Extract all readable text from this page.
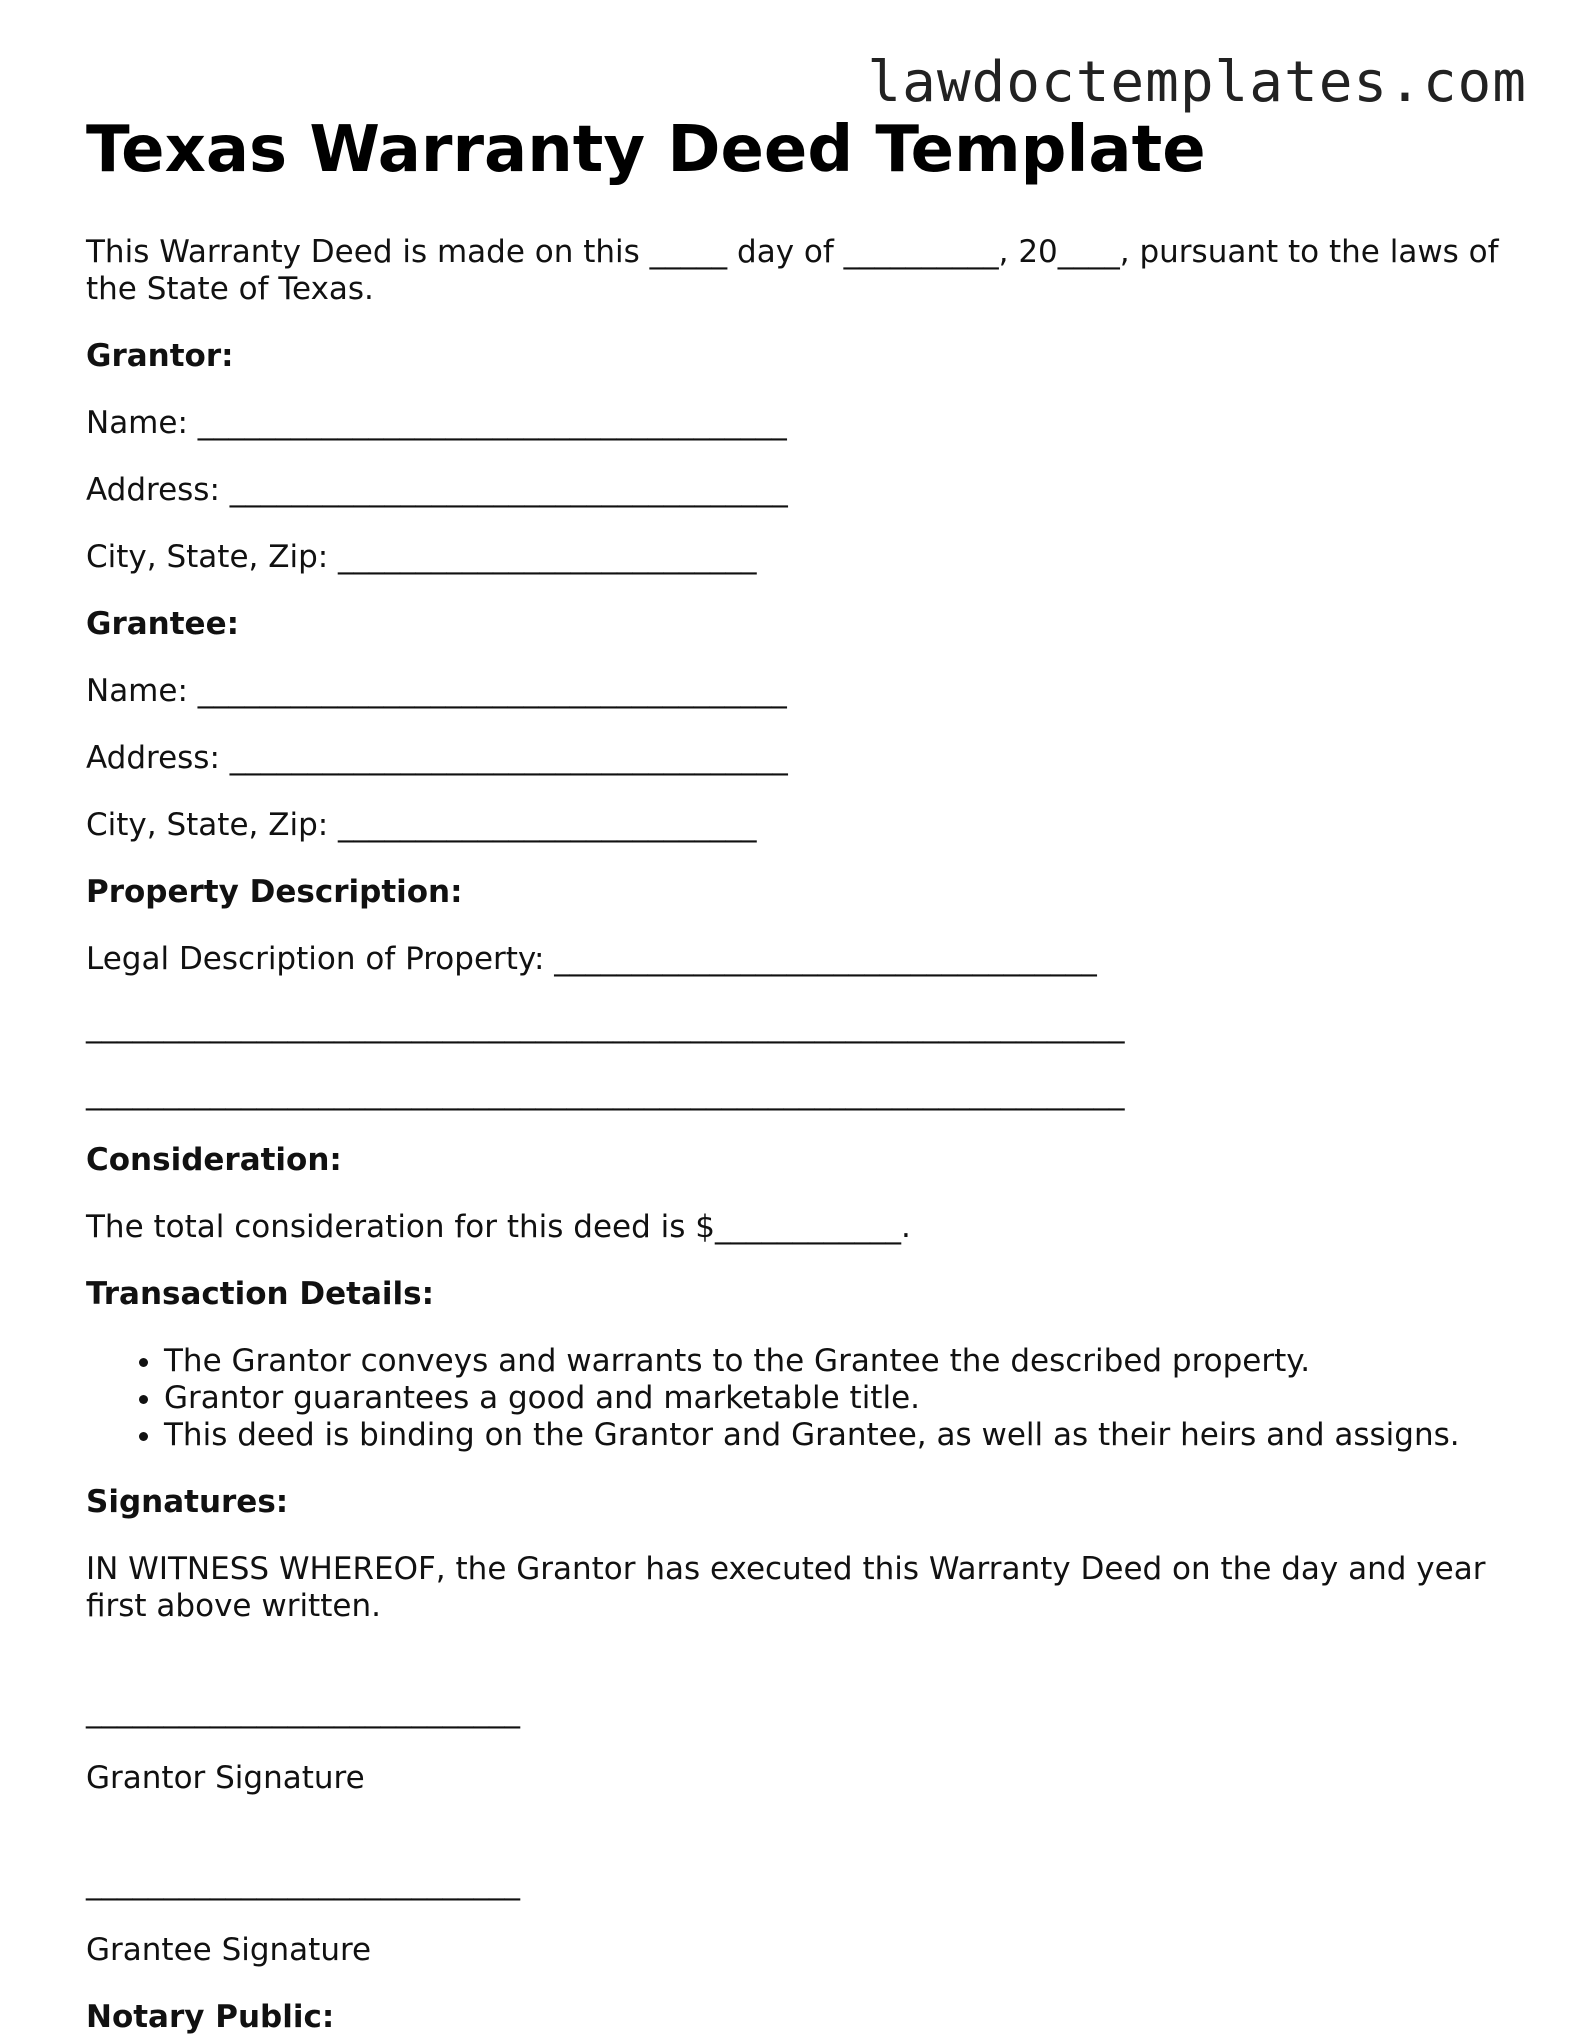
lawdoctemplates.com
Texas Warranty Deed Template

This Warranty Deed is made on this _____ day of __________, 20____, pursuant to the laws of the State of Texas.

Grantor:

Name: ______________________________________

Address: ____________________________________

City, State, Zip: ___________________________

Grantee:

Name: ______________________________________

Address: ____________________________________

City, State, Zip: ___________________________

Property Description:

Legal Description of Property: ___________________________________

___________________________________________________________________

___________________________________________________________________

Consideration:

The total consideration for this deed is $____________.

Transaction Details:

• The Grantor conveys and warrants to the Grantee the described property.
• Grantor guarantees a good and marketable title.
• This deed is binding on the Grantor and Grantee, as well as their heirs and assigns.

Signatures:

IN WITNESS WHEREOF, the Grantor has executed this Warranty Deed on the day and year first above written.

____________________________

Grantor Signature

____________________________

Grantee Signature

Notary Public:
